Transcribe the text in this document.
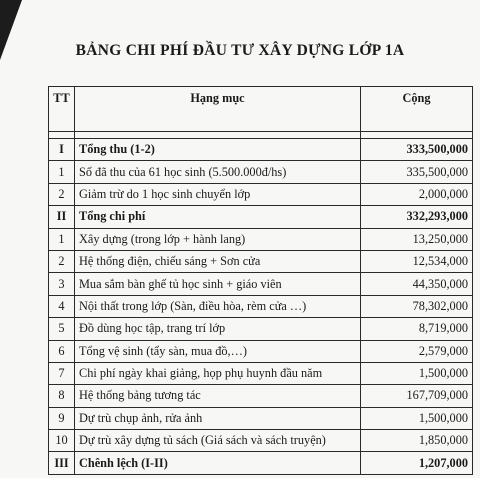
BẢNG CHI PHÍ ĐẦU TƯ XÂY DỰNG LỚP 1A
TT	Hạng mục	Cộng

I	Tổng thu (1-2)	333,500,000
1	Số đã thu của 61 học sinh (5.500.000đ/hs)	335,500,000
2	Giảm trừ do 1 học sinh chuyển lớp	2,000,000
II	Tổng chi phí	332,293,000
1	Xây dựng (trong lớp + hành lang)	13,250,000
2	Hệ thống điện, chiếu sáng + Sơn cửa	12,534,000
3	Mua sắm bàn ghế tủ học sinh + giáo viên	44,350,000
4	Nội thất trong lớp (Sàn, điều hòa, rèm cửa …)	78,302,000
5	Đồ dùng học tập, trang trí lớp	8,719,000
6	Tổng vệ sinh (tẩy sàn, mua đồ,…)	2,579,000
7	Chi phí ngày khai giảng, họp phụ huynh đầu năm	1,500,000
8	Hệ thống bảng tương tác	167,709,000
9	Dự trù chụp ảnh, rửa ảnh	1,500,000
10	Dự trù xây dựng tủ sách (Giá sách và sách truyện)	1,850,000
III	Chênh lệch (I-II)	1,207,000
